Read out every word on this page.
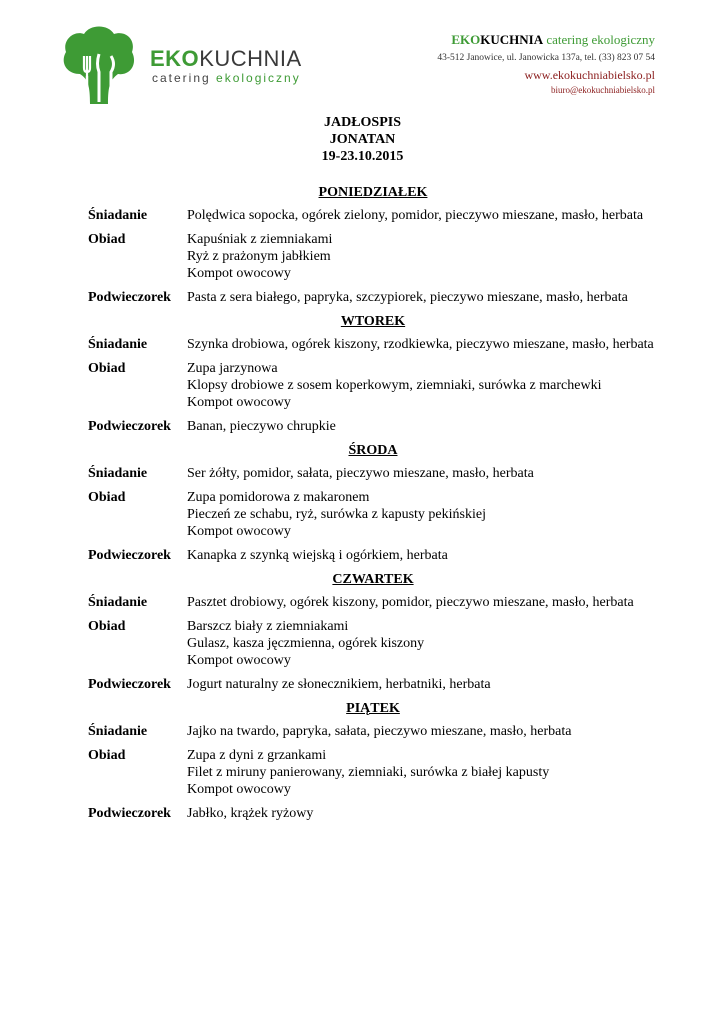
EKOKUCHNIA
catering ekologiczny
EKOKUCHNIA catering ekologiczny
43-512 Janowice, ul. Janowicka 137a, tel. (33) 823 07 54
www.ekokuchniabielsko.pl
biuro@ekokuchniabielsko.pl
JADŁOSPIS
JONATAN
19-23.10.2015
PONIEDZIAŁEK
Śniadanie	Polędwica sopocka, ogórek zielony, pomidor, pieczywo mieszane, masło, herbata
Obiad	Kapuśniak z ziemniakami
Ryż z prażonym jabłkiem
Kompot owocowy
Podwieczorek	Pasta z sera białego, papryka, szczypiorek, pieczywo mieszane, masło, herbata
WTOREK
Śniadanie	Szynka drobiowa, ogórek kiszony, rzodkiewka, pieczywo mieszane, masło, herbata
Obiad	Zupa jarzynowa
Klopsy drobiowe z sosem koperkowym, ziemniaki, surówka z marchewki
Kompot owocowy
Podwieczorek	Banan, pieczywo chrupkie
ŚRODA
Śniadanie	Ser żółty, pomidor, sałata, pieczywo mieszane, masło, herbata
Obiad	Zupa pomidorowa z makaronem
Pieczeń ze schabu, ryż, surówka z kapusty pekińskiej
Kompot owocowy
Podwieczorek	Kanapka z szynką wiejską i ogórkiem, herbata
CZWARTEK
Śniadanie	Pasztet drobiowy, ogórek kiszony, pomidor, pieczywo mieszane, masło, herbata
Obiad	Barszcz biały z ziemniakami
Gulasz, kasza jęczmienna, ogórek kiszony
Kompot owocowy
Podwieczorek	Jogurt naturalny ze słonecznikiem, herbatniki, herbata
PIĄTEK
Śniadanie	Jajko na twardo, papryka, sałata, pieczywo mieszane, masło, herbata
Obiad	Zupa z dyni z grzankami
Filet z miruny panierowany, ziemniaki, surówka z białej kapusty
Kompot owocowy
Podwieczorek	Jabłko, krążek ryżowy
